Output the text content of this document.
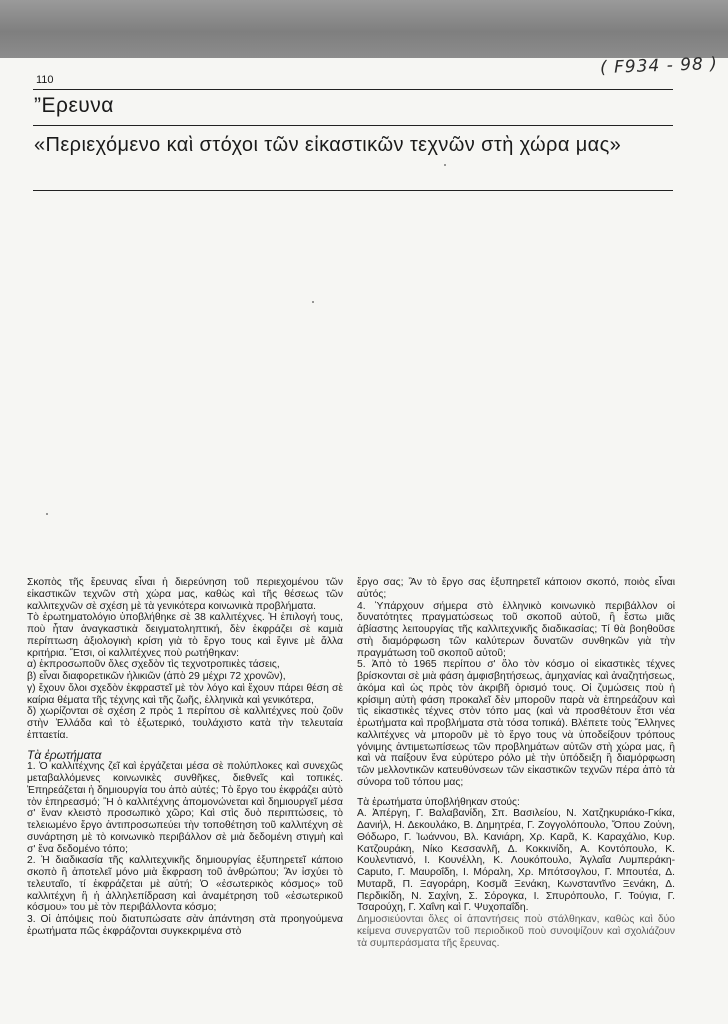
( F934 - 98 )
110
”Ερευνα
«Περιεχόμενο καὶ στόχοι τῶν εἰκαστικῶν τεχνῶν στὴ χώρα μας»

Σκοπὸς τῆς ἔρευνας εἶναι ἡ διερεύνηση τοῦ περιεχομένου τῶν εἰκαστικῶν τεχνῶν στὴ χώρα μας, καθὼς καὶ τῆς θέσεως τῶν καλλιτεχνῶν σὲ σχέση μὲ τὰ γενικότερα κοινωνικὰ προβλήματα.

Τὸ ἐρωτηματολόγιο ὑποβλήθηκε σὲ 38 καλλιτέχνες. Ἡ ἐπιλογή τους, ποὺ ἦταν ἀναγκαστικὰ δειγματοληπτική, δὲν ἐκφράζει σὲ καμιὰ περίπτωση ἀξιολογικὴ κρίση γιὰ τὸ ἔργο τους καὶ ἔγινε μὲ ἄλλα κριτήρια. Ἔτσι, οἱ καλλιτέχνες ποὺ ρωτήθηκαν:

α) ἐκπροσωποῦν ὅλες σχεδὸν τὶς τεχνοτροπικὲς τάσεις,

β) εἶναι διαφορετικῶν ἡλικιῶν (ἀπὸ 29 μέχρι 72 χρονῶν),

γ) ἔχουν ὅλοι σχεδὸν ἐκφραστεῖ μὲ τὸν λόγο καὶ ἔχουν πάρει θέση σὲ καίρια θέματα τῆς τέχνης καὶ τῆς ζωῆς, ἑλληνικὰ καὶ γενικότερα,

δ) χωρίζονται σὲ σχέση 2 πρὸς 1 περίπου σὲ καλλιτέχνες ποὺ ζοῦν στὴν Ἑλλάδα καὶ τὸ ἐξωτερικό, τουλάχιστο κατὰ τὴν τελευταία ἑπταετία.

Τὰ ἐρωτήματα

1. Ὁ καλλιτέχνης ζεῖ καὶ ἐργάζεται μέσα σὲ πολύπλοκες καὶ συνεχῶς μεταβαλλόμενες κοινωνικὲς συνθῆκες, διεθνεῖς καὶ τοπικές. Ἐπηρεάζεται ἡ δημιουργία του ἀπὸ αὐτές; Τὸ ἔργο του ἐκφράζει αὐτὸ τὸν ἐπηρεασμό; Ἢ ὁ καλλιτέχνης ἀπομονώνεται καὶ δημιουργεῖ μέσα σ' ἕναν κλειστὸ προσωπικὸ χῶρο; Καὶ στὶς δυὸ περιπτώσεις, τὸ τελειωμένο ἔργο ἀντιπροσωπεύει τὴν τοποθέτηση τοῦ καλλιτέχνη σὲ συνάρτηση μὲ τὸ κοινωνικὸ περιβάλλον σὲ μιὰ δεδομένη στιγμὴ καὶ σ' ἕνα δεδομένο τόπο;

2. Ἡ διαδικασία τῆς καλλιτεχνικῆς δημιουργίας ἐξυπηρετεῖ κάποιο σκοπὸ ἢ ἀποτελεῖ μόνο μιὰ ἔκφραση τοῦ ἀνθρώπου; Ἂν ἰσχύει τὸ τελευταῖο, τί ἐκφράζεται μὲ αὐτή; Ὁ «ἐσωτερικὸς κόσμος» τοῦ καλλιτέχνη ἢ ἡ ἀλληλεπίδραση καὶ ἀναμέτρηση τοῦ «ἐσωτερικοῦ κόσμου» του μὲ τὸν περιβάλλοντα κόσμο;

3. Οἱ ἀπόψεις ποὺ διατυπώσατε σὰν ἀπάντηση στὰ προηγούμενα ἐρωτήματα πῶς ἐκφράζονται συγκεκριμένα στὸ

ἔργο σας; Ἂν τὸ ἔργο σας ἐξυπηρετεῖ κάποιον σκοπό, ποιὸς εἶναι αὐτός;

4. Ὑπάρχουν σήμερα στὸ ἑλληνικὸ κοινωνικὸ περιβάλλον οἱ δυνατότητες πραγματώσεως τοῦ σκοποῦ αὐτοῦ, ἢ ἔστω μιᾶς ἀβίαστης λειτουργίας τῆς καλλιτεχνικῆς διαδικασίας; Τί θὰ βοηθοῦσε στὴ διαμόρφωση τῶν καλύτερων δυνατῶν συνθηκῶν γιὰ τὴν πραγμάτωση τοῦ σκοποῦ αὐτοῦ;

5. Ἀπὸ τὸ 1965 περίπου σ' ὅλο τὸν κόσμο οἱ εἰκαστικὲς τέχνες βρίσκονται σὲ μιὰ φάση ἀμφισβητήσεως, ἀμηχανίας καὶ ἀναζητήσεως, ἀκόμα καὶ ὡς πρὸς τὸν ἀκριβῆ ὁρισμό τους. Οἱ ζυμώσεις ποὺ ἡ κρίσιμη αὐτὴ φάση προκαλεῖ δὲν μποροῦν παρὰ νὰ ἐπηρεάζουν καὶ τὶς εἰκαστικὲς τέχνες στὸν τόπο μας (καὶ νὰ προσθέτουν ἔτσι νέα ἐρωτήματα καὶ προβλήματα στὰ τόσα τοπικά). Βλέπετε τοὺς Ἕλληνες καλλιτέχνες νὰ μποροῦν μὲ τὸ ἔργο τους νὰ ὑποδείξουν τρόπους γόνιμης ἀντιμετωπίσεως τῶν προβλημάτων αὐτῶν στὴ χώρα μας, ἢ καὶ νὰ παίξουν ἕνα εὐρύτερο ρόλο μὲ τὴν ὑπόδειξη ἢ διαμόρφωση τῶν μελλοντικῶν κατευθύνσεων τῶν εἰκαστικῶν τεχνῶν πέρα ἀπὸ τὰ σύνορα τοῦ τόπου μας;

Τὰ ἐρωτήματα ὑποβλήθηκαν στούς:

Α. Ἀπέργη, Γ. Βαλαβανίδη, Σπ. Βασιλείου, Ν. Χατζηκυριάκο-Γκίκα, Δανιήλ, Η. Δεκουλάκο, Β. Δημητρέα, Γ. Ζογγολόπουλο, Ὄπου Ζούνη, Θόδωρο, Γ. Ἰωάννου, Βλ. Κανιάρη, Χρ. Καρᾶ, Κ. Καραχάλιο, Κυρ. Κατζουράκη, Νίκο Κεσσανλῆ, Δ. Κοκκινίδη, Α. Κοντόπουλο, Κ. Κουλεντιανό, Ι. Κουνέλλη, Κ. Λουκόπουλο, Ἀγλαΐα Λυμπεράκη-Caputo, Γ. Μαυροΐδη, Ι. Μόραλη, Χρ. Μπότσογλου, Γ. Μπουτέα, Δ. Μυταρᾶ, Π. Ξαγοράρη, Κοσμᾶ Ξενάκη, Κωνσταντῖνο Ξενάκη, Δ. Περδικίδη, Ν. Σαχίνη, Σ. Σόρογκα, Ι. Σπυρόπουλο, Γ. Τούγια, Γ. Τσαρούχη, Γ. Χαΐνη καὶ Γ. Ψυχοπαΐδη.

Δημοσιεύονται ὅλες οἱ ἀπαντήσεις ποὺ στάλθηκαν, καθὼς καὶ δύο κείμενα συνεργατῶν τοῦ περιοδικοῦ ποὺ συνοψίζουν καὶ σχολιάζουν τὰ συμπεράσματα τῆς ἔρευνας.
